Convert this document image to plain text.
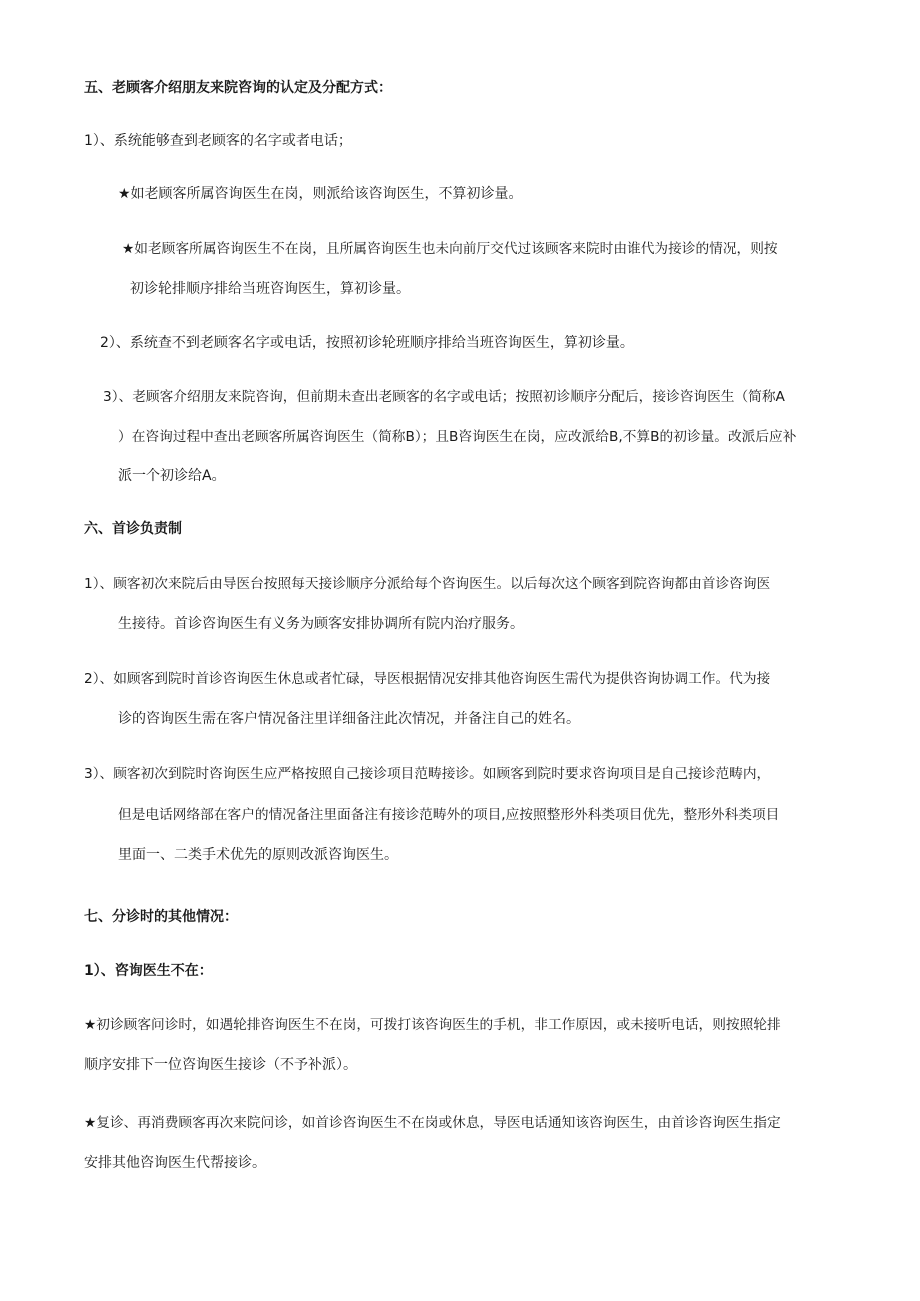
五、老顾客介绍朋友来院咨询的认定及分配方式：

1）、系统能够查到老顾客的名字或者电话；

★如老顾客所属咨询医生在岗，则派给该咨询医生，不算初诊量。

★如老顾客所属咨询医生不在岗，且所属咨询医生也未向前厅交代过该顾客来院时由谁代为接诊的情况，则按

初诊轮排顺序排给当班咨询医生，算初诊量。

2）、系统查不到老顾客名字或电话，按照初诊轮班顺序排给当班咨询医生，算初诊量。

3）、老顾客介绍朋友来院咨询，但前期未查出老顾客的名字或电话；按照初诊顺序分配后，接诊咨询医生（简称A

）在咨询过程中查出老顾客所属咨询医生（简称B）；且B咨询医生在岗，应改派给B,不算B的初诊量。改派后应补

派一个初诊给A。

六、首诊负责制

1）、顾客初次来院后由导医台按照每天接诊顺序分派给每个咨询医生。以后每次这个顾客到院咨询都由首诊咨询医

生接待。首诊咨询医生有义务为顾客安排协调所有院内治疗服务。

2）、如顾客到院时首诊咨询医生休息或者忙碌，导医根据情况安排其他咨询医生需代为提供咨询协调工作。代为接

诊的咨询医生需在客户情况备注里详细备注此次情况，并备注自己的姓名。

3）、顾客初次到院时咨询医生应严格按照自己接诊项目范畴接诊。如顾客到院时要求咨询项目是自己接诊范畴内，

但是电话网络部在客户的情况备注里面备注有接诊范畴外的项目,应按照整形外科类项目优先，整形外科类项目

里面一、二类手术优先的原则改派咨询医生。

七、分诊时的其他情况：

1）、咨询医生不在：

★初诊顾客问诊时，如遇轮排咨询医生不在岗，可拨打该咨询医生的手机，非工作原因，或未接听电话，则按照轮排

顺序安排下一位咨询医生接诊（不予补派）。

★复诊、再消费顾客再次来院问诊，如首诊咨询医生不在岗或休息，导医电话通知该咨询医生，由首诊咨询医生指定

安排其他咨询医生代帮接诊。
